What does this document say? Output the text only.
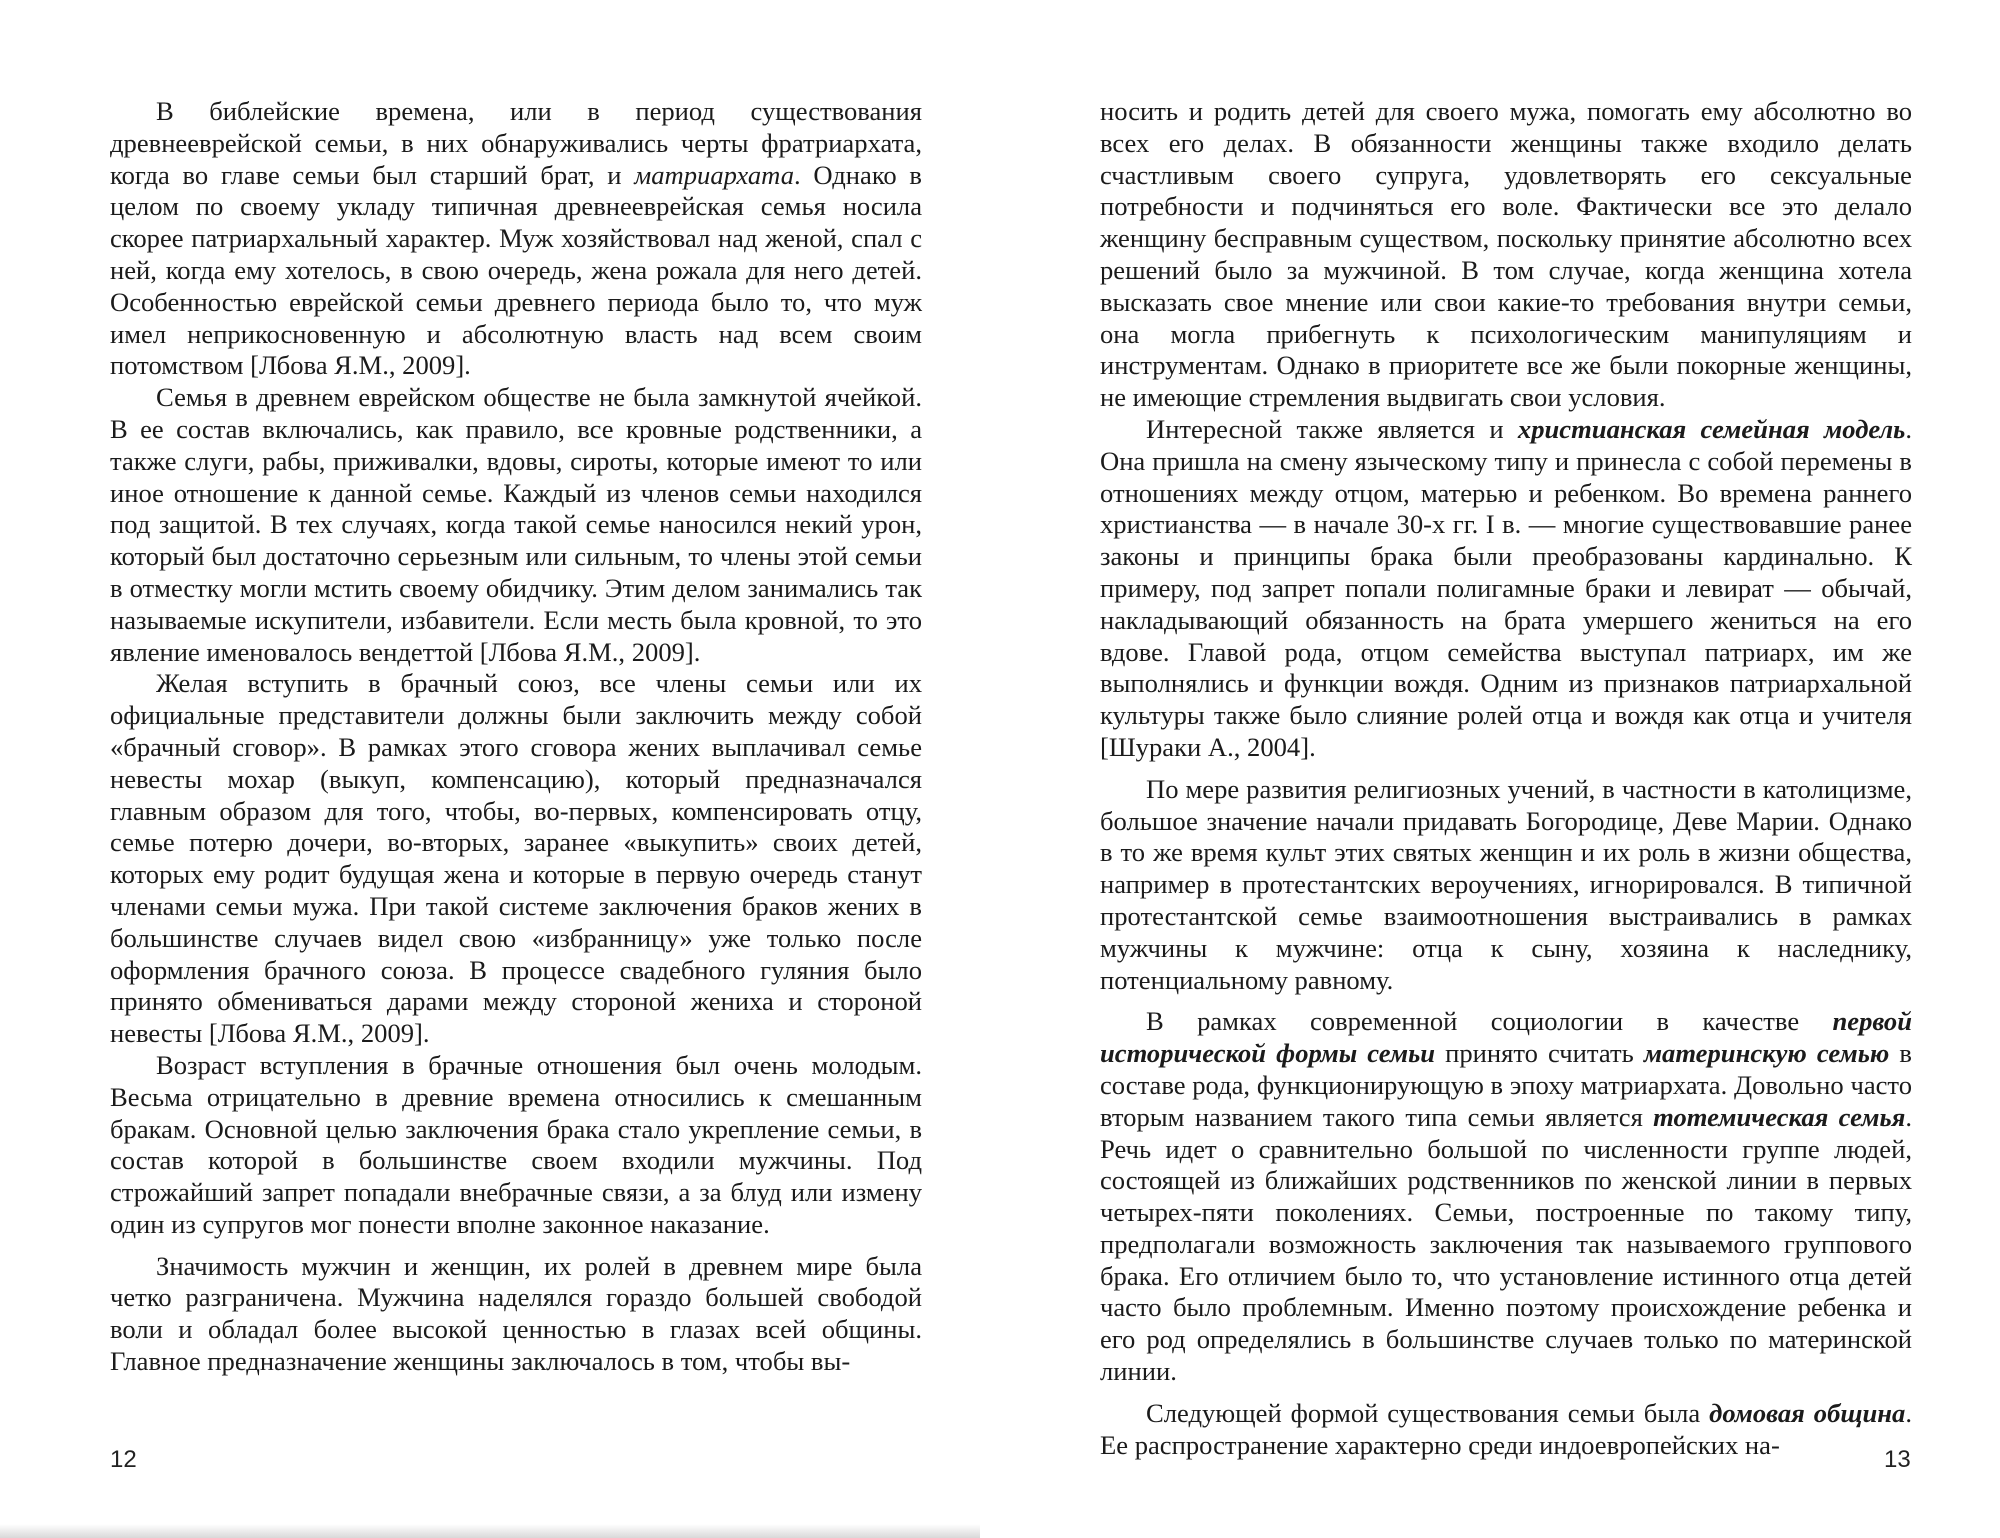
В библейские времена, или в период существования древнееврейской семьи, в них обнаруживались черты фратриархата, когда во главе семьи был старший брат, и матриархата. Однако в целом по своему укладу типичная древнееврейская семья носила скорее патриархальный характер. Муж хозяйствовал над женой, спал с ней, когда ему хотелось, в свою очередь, жена рожала для него детей. Особенностью еврейской семьи древнего периода было то, что муж имел неприкосновенную и абсолютную власть над всем своим потомством [Лбова Я.М., 2009].

Семья в древнем еврейском обществе не была замкнутой ячейкой. В ее состав включались, как правило, все кровные родственники, а также слуги, рабы, приживалки, вдовы, сироты, которые имеют то или иное отношение к данной семье. Каждый из членов семьи находился под защитой. В тех случаях, когда такой семье наносился некий урон, который был достаточно серьезным или сильным, то члены этой семьи в отместку могли мстить своему обидчику. Этим делом занимались так называемые искупители, избавители. Если месть была кровной, то это явление именовалось вендеттой [Лбова Я.М., 2009].

Желая вступить в брачный союз, все члены семьи или их официальные представители должны были заключить между собой «брачный сговор». В рамках этого сговора жених выплачивал семье невесты мохар (выкуп, компенсацию), который предназначался главным образом для того, чтобы, во-первых, компенсировать отцу, семье потерю дочери, во-вторых, заранее «выкупить» своих детей, которых ему родит будущая жена и которые в первую очередь станут членами семьи мужа. При такой системе заключения браков жених в большинстве случаев видел свою «избранницу» уже только после оформления брачного союза. В процессе свадебного гуляния было принято обмениваться дарами между стороной жениха и стороной невесты [Лбова Я.М., 2009].

Возраст вступления в брачные отношения был очень молодым. Весьма отрицательно в древние времена относились к смешанным бракам. Основной целью заключения брака стало укрепление семьи, в состав которой в большинстве своем входили мужчины. Под строжайший запрет попадали внебрачные связи, а за блуд или измену один из супругов мог понести вполне законное наказание.

Значимость мужчин и женщин, их ролей в древнем мире была четко разграничена. Мужчина наделялся гораздо большей свободой воли и обладал более высокой ценностью в глазах всей общины. Главное предназначение женщины заключалось в том, чтобы вы-

носить и родить детей для своего мужа, помогать ему абсолютно во всех его делах. В обязанности женщины также входило делать счастливым своего супруга, удовлетворять его сексуальные потребности и подчиняться его воле. Фактически все это делало женщину бесправным существом, поскольку принятие абсолютно всех решений было за мужчиной. В том случае, когда женщина хотела высказать свое мнение или свои какие-то требования внутри семьи, она могла прибегнуть к психологическим манипуляциям и инструментам. Однако в приоритете все же были покорные женщины, не имеющие стремления выдвигать свои условия.

Интересной также является и христианская семейная модель. Она пришла на смену языческому типу и принесла с собой перемены в отношениях между отцом, матерью и ребенком. Во времена раннего христианства — в начале 30-х гг. I в. — многие существовавшие ранее законы и принципы брака были преобразованы кардинально. К примеру, под запрет попали полигамные браки и левират — обычай, накладывающий обязанность на брата умершего жениться на его вдове. Главой рода, отцом семейства выступал патриарх, им же выполнялись и функции вождя. Одним из признаков патриархальной культуры также было слияние ролей отца и вождя как отца и учителя [Шураки А., 2004].

По мере развития религиозных учений, в частности в католицизме, большое значение начали придавать Богородице, Деве Марии. Однако в то же время культ этих святых женщин и их роль в жизни общества, например в протестантских вероучениях, игнорировался. В типичной протестантской семье взаимоотношения выстраивались в рамках мужчины к мужчине: отца к сыну, хозяина к наследнику, потенциальному равному.

В рамках современной социологии в качестве первой исторической формы семьи принято считать материнскую семью в составе рода, функционирующую в эпоху матриархата. Довольно часто вторым названием такого типа семьи является тотемическая семья. Речь идет о сравнительно большой по численности группе людей, состоящей из ближайших родственников по женской линии в первых четырех-пяти поколениях. Семьи, построенные по такому типу, предполагали возможность заключения так называемого группового брака. Его отличием было то, что установление истинного отца детей часто было проблемным. Именно поэтому происхождение ребенка и его род определялись в большинстве случаев только по материнской линии.

Следующей формой существования семьи была домовая община. Ее распространение характерно среди индоевропейских на-

12	13
